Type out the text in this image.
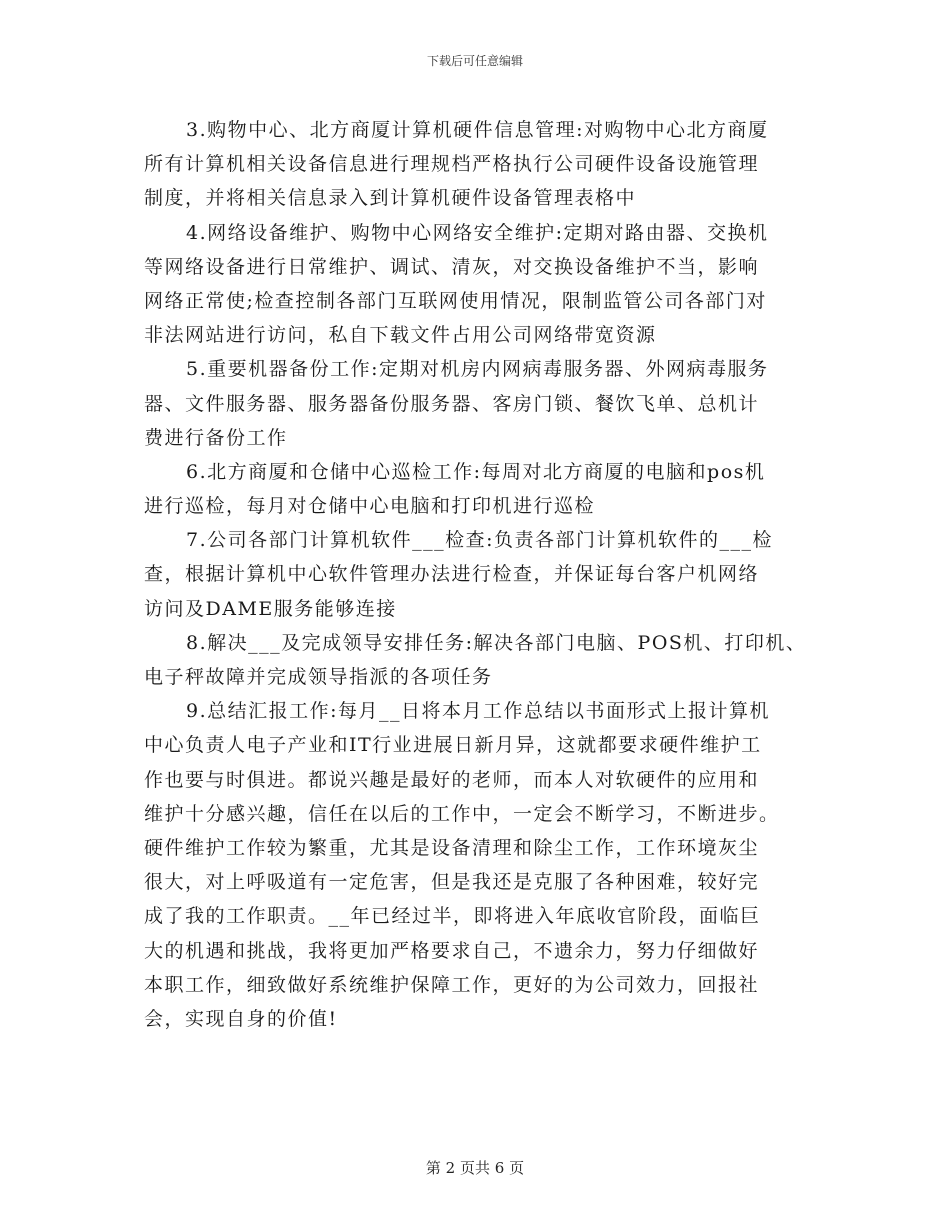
下载后可任意编辑
3.购物中心、北方商厦计算机硬件信息管理:对购物中心北方商厦
所有计算机相关设备信息进行理规档严格执行公司硬件设备设施管理
制度，并将相关信息录入到计算机硬件设备管理表格中
4.网络设备维护、购物中心网络安全维护:定期对路由器、交换机
等网络设备进行日常维护、调试、清灰，对交换设备维护不当，影响
网络正常使;检查控制各部门互联网使用情况，限制监管公司各部门对
非法网站进行访问，私自下载文件占用公司网络带宽资源
5.重要机器备份工作:定期对机房内网病毒服务器、外网病毒服务
器、文件服务器、服务器备份服务器、客房门锁、餐饮飞单、总机计
费进行备份工作
6.北方商厦和仓储中心巡检工作:每周对北方商厦的电脑和pos机
进行巡检，每月对仓储中心电脑和打印机进行巡检
7.公司各部门计算机软件___检查:负责各部门计算机软件的___检
查，根据计算机中心软件管理办法进行检查，并保证每台客户机网络
访问及DAME服务能够连接
8.解决___及完成领导安排任务:解决各部门电脑、POS机、打印机、
电子秤故障并完成领导指派的各项任务
9.总结汇报工作:每月__日将本月工作总结以书面形式上报计算机
中心负责人电子产业和IT行业进展日新月异，这就都要求硬件维护工
作也要与时俱进。都说兴趣是最好的老师，而本人对软硬件的应用和
维护十分感兴趣，信任在以后的工作中，一定会不断学习，不断进步。
硬件维护工作较为繁重，尤其是设备清理和除尘工作，工作环境灰尘
很大，对上呼吸道有一定危害，但是我还是克服了各种困难，较好完
成了我的工作职责。__年已经过半，即将进入年底收官阶段，面临巨
大的机遇和挑战，我将更加严格要求自己，不遗余力，努力仔细做好
本职工作，细致做好系统维护保障工作，更好的为公司效力，回报社
会，实现自身的价值!
第 2 页共 6 页
